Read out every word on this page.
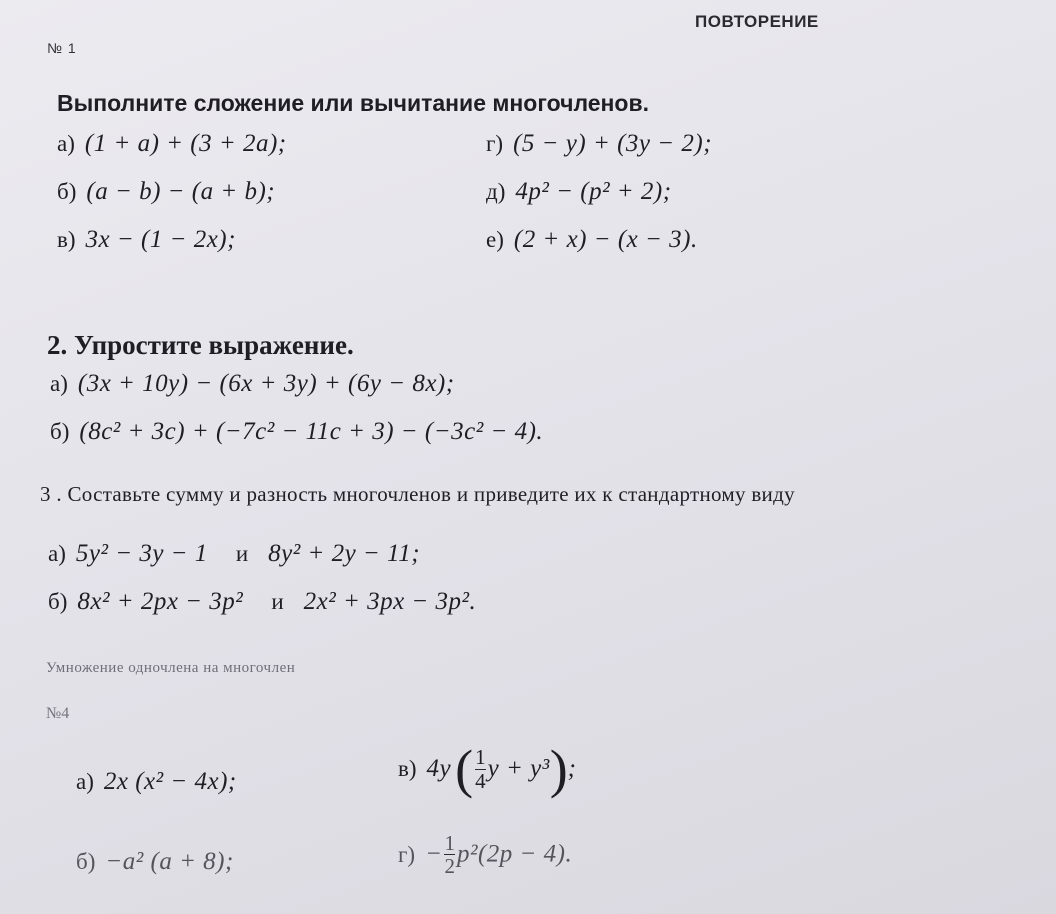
ПОВТОРЕНИЕ
№ 1
Выполните сложение или вычитание многочленов.
а) (1 + a) + (3 + 2a);
б) (a − b) − (a + b);
в) 3x − (1 − 2x);
г) (5 − y) + (3y − 2);
д) 4p² − (p² + 2);
е) (2 + x) − (x − 3).
2. Упростите выражение.
а) (3x + 10y) − (6x + 3y) + (6y − 8x);
б) (8c² + 3c) + (−7c² − 11c + 3) − (−3c² − 4).
3 . Составьте сумму и разность многочленов и приведите их к стандартному виду
а) 5y² − 3y − 1 и 8y² + 2y − 11;
б) 8x² + 2px − 3p² и 2x² + 3px − 3p².
Умножение одночлена на многочлен
№4
а) 2x (x² − 4x);
б) −a² (a + 8);
в) 4y ( $\frac{1}{4}$ y + y³);
$г) - \frac{1}{2} p^2(2p - 4)$.
